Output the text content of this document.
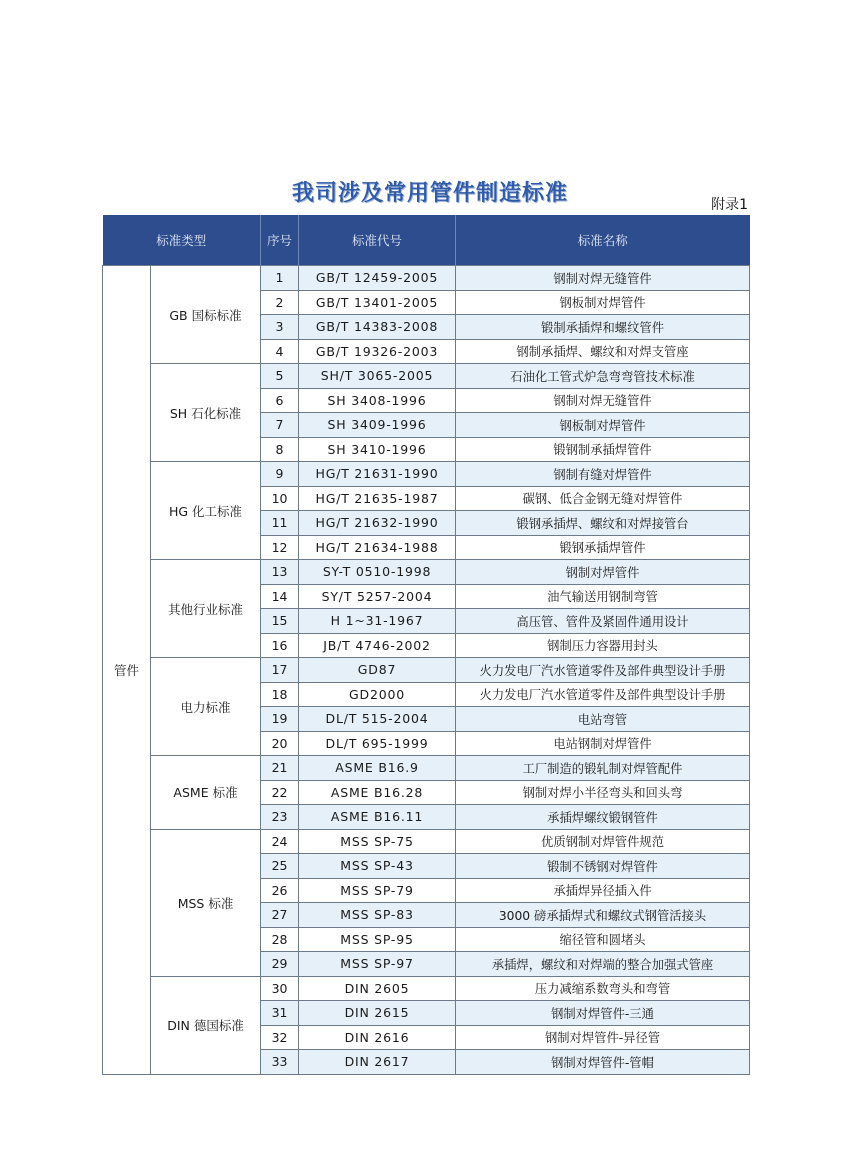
我司涉及常用管件制造标准	附录1
标准类型		序号	标准代号	标准名称
管件	GB 国标标准	1	GB/T 12459-2005	钢制对焊无缝管件
		2	GB/T 13401-2005	钢板制对焊管件
		3	GB/T 14383-2008	锻制承插焊和螺纹管件
		4	GB/T 19326-2003	钢制承插焊、螺纹和对焊支管座
	SH 石化标准	5	SH/T 3065-2005	石油化工管式炉急弯弯管技术标准
		6	SH 3408-1996	钢制对焊无缝管件
		7	SH 3409-1996	钢板制对焊管件
		8	SH 3410-1996	锻钢制承插焊管件
	HG 化工标准	9	HG/T 21631-1990	钢制有缝对焊管件
		10	HG/T 21635-1987	碳钢、低合金钢无缝对焊管件
		11	HG/T 21632-1990	锻钢承插焊、螺纹和对焊接管台
		12	HG/T 21634-1988	锻钢承插焊管件
	其他行业标准	13	SY-T 0510-1998	钢制对焊管件
		14	SY/T 5257-2004	油气输送用钢制弯管
		15	H 1~31-1967	高压管、管件及紧固件通用设计
		16	JB/T 4746-2002	钢制压力容器用封头
	电力标准	17	GD87	火力发电厂汽水管道零件及部件典型设计手册
		18	GD2000	火力发电厂汽水管道零件及部件典型设计手册
		19	DL/T 515-2004	电站弯管
		20	DL/T 695-1999	电站钢制对焊管件
	ASME 标准	21	ASME B16.9	工厂制造的锻轧制对焊管配件
		22	ASME B16.28	钢制对焊小半径弯头和回头弯
		23	ASME B16.11	承插焊螺纹锻钢管件
	MSS 标准	24	MSS SP-75	优质钢制对焊管件规范
		25	MSS SP-43	锻制不锈钢对焊管件
		26	MSS SP-79	承插焊异径插入件
		27	MSS SP-83	3000 磅承插焊式和螺纹式钢管活接头
		28	MSS SP-95	缩径管和圆堵头
		29	MSS SP-97	承插焊，螺纹和对焊端的整合加强式管座
	DIN 德国标准	30	DIN 2605	压力减缩系数弯头和弯管
		31	DIN 2615	钢制对焊管件-三通
		32	DIN 2616	钢制对焊管件-异径管
		33	DIN 2617	钢制对焊管件-管帽
